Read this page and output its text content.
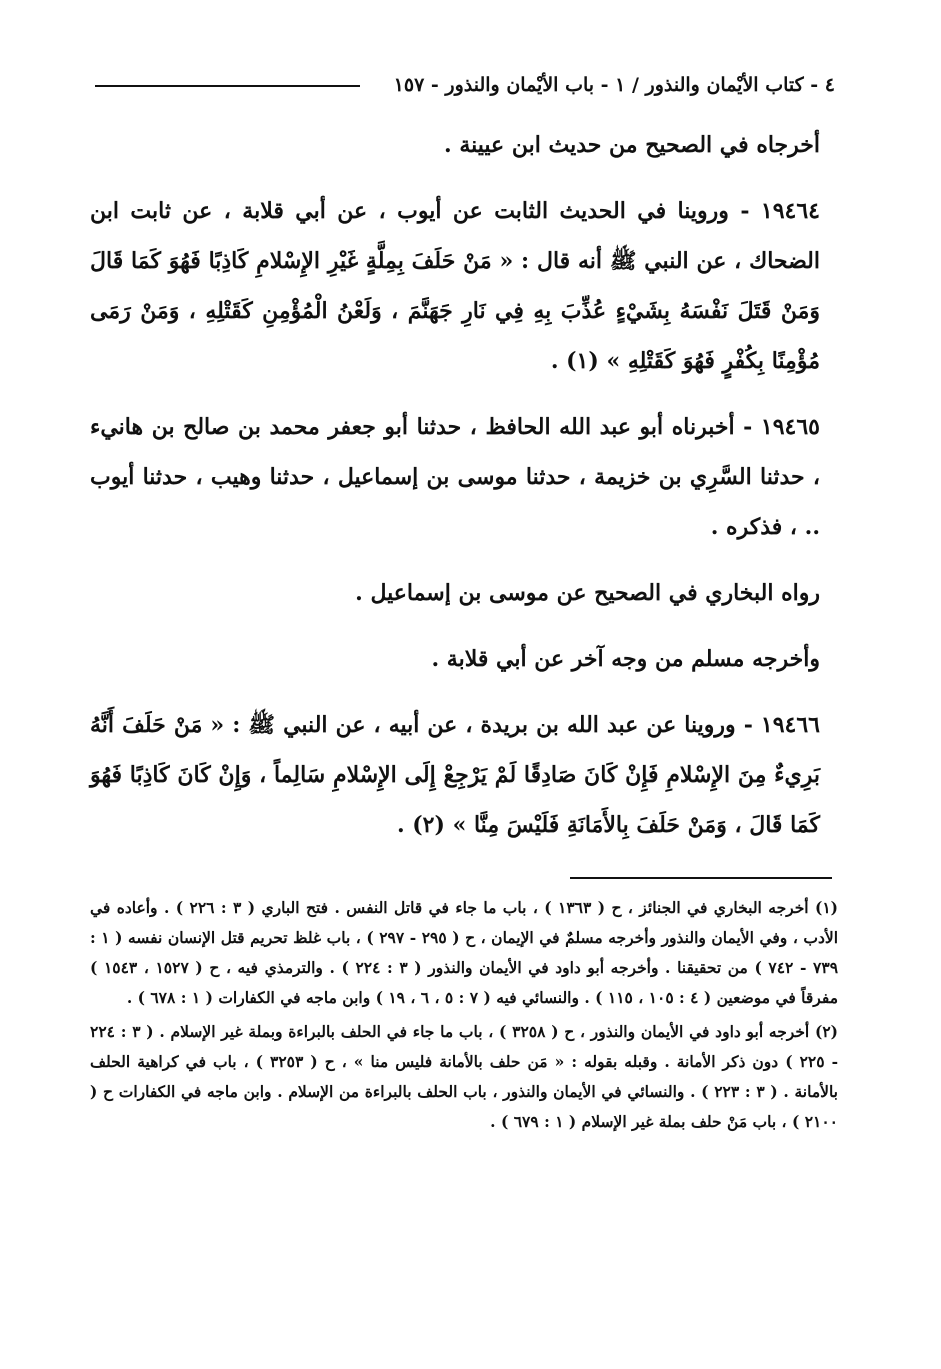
٤ - كتاب الأيْمان والنذور / ١ - باب الأيْمان والنذور - ١٥٧

أخرجاه في الصحيح من حديث ابن عيينة .

١٩٤٦٤ - وروينا في الحديث الثابت عن أيوب ، عن أبي قلابة ، عن ثابت ابن الضحاك ، عن النبي ﷺ أنه قال : « مَنْ حَلَفَ بِمِلَّةٍ غَيْرِ الإِسْلامِ كَاذِبًا فَهُوَ كَمَا قَالَ وَمَنْ قَتَلَ نَفْسَهُ بِشَيْءٍ عُذِّبَ بِهِ فِي نَارِ جَهَنَّمَ ، وَلَعْنُ الْمُؤْمِنِ كَقَتْلِهِ ، وَمَنْ رَمَى مُؤْمِنًا بِكُفْرٍ فَهُوَ كَقَتْلِهِ » (١) .

١٩٤٦٥ - أخبرناه أبو عبد الله الحافظ ، حدثنا أبو جعفر محمد بن صالح بن هانيء ، حدثنا السَّرِي بن خزيمة ، حدثنا موسى بن إسماعيل ، حدثنا وهيب ، حدثنا أيوب .. ، فذكره .

رواه البخاري في الصحيح عن موسى بن إسماعيل .

وأخرجه مسلم من وجه آخر عن أبي قلابة .

١٩٤٦٦ - وروينا عن عبد الله بن بريدة ، عن أبيه ، عن النبي ﷺ : « مَنْ حَلَفَ أَنَّهُ بَرِيءٌ مِنَ الإِسْلامِ فَإِنْ كَانَ صَادِقًا لَمْ يَرْجِعْ إِلَى الإِسْلامِ سَالِماً ، وَإِنْ كَانَ كَاذِبًا فَهُوَ كَمَا قَالَ ، وَمَنْ حَلَفَ بِالأَمَانَةِ فَلَيْسَ مِنَّا » (٢) .

(١) أخرجه البخاري في الجنائز ، ح ( ١٣٦٣ ) ، باب ما جاء في قاتل النفس . فتح الباري ( ٣ : ٢٢٦ ) . وأعاده في الأدب ، وفي الأيمان والنذور وأخرجه مسلمٌ في الإيمان ، ح ( ٢٩٥ - ٢٩٧ ) ، باب غلظ تحريم قتل الإنسان نفسه ( ١ : ٧٣٩ - ٧٤٢ ) من تحقيقنا . وأخرجه أبو داود في الأيمان والنذور ( ٣ : ٢٢٤ ) . والترمذي فيه ، ح ( ١٥٢٧ ، ١٥٤٣ ) مفرقاً في موضعين ( ٤ : ١٠٥ ، ١١٥ ) . والنسائي فيه ( ٧ : ٥ ، ٦ ، ١٩ ) وابن ماجه في الكفارات ( ١ : ٦٧٨ ) .

(٢) أخرجه أبو داود في الأيمان والنذور ، ح ( ٣٢٥٨ ) ، باب ما جاء في الحلف بالبراءة وبملة غير الإسلام . ( ٣ : ٢٢٤ - ٢٢٥ ) دون ذكر الأمانة . وقبله بقوله : « مَن حلف بالأمانة فليس منا » ، ح ( ٣٢٥٣ ) ، باب في كراهية الحلف بالأمانة . ( ٣ : ٢٢٣ ) . والنسائي في الأيمان والنذور ، باب الحلف بالبراءة من الإسلام . وابن ماجه في الكفارات ح ( ٢١٠٠ ) ، باب مَنْ حلف بملة غير الإسلام ( ١ : ٦٧٩ ) .
